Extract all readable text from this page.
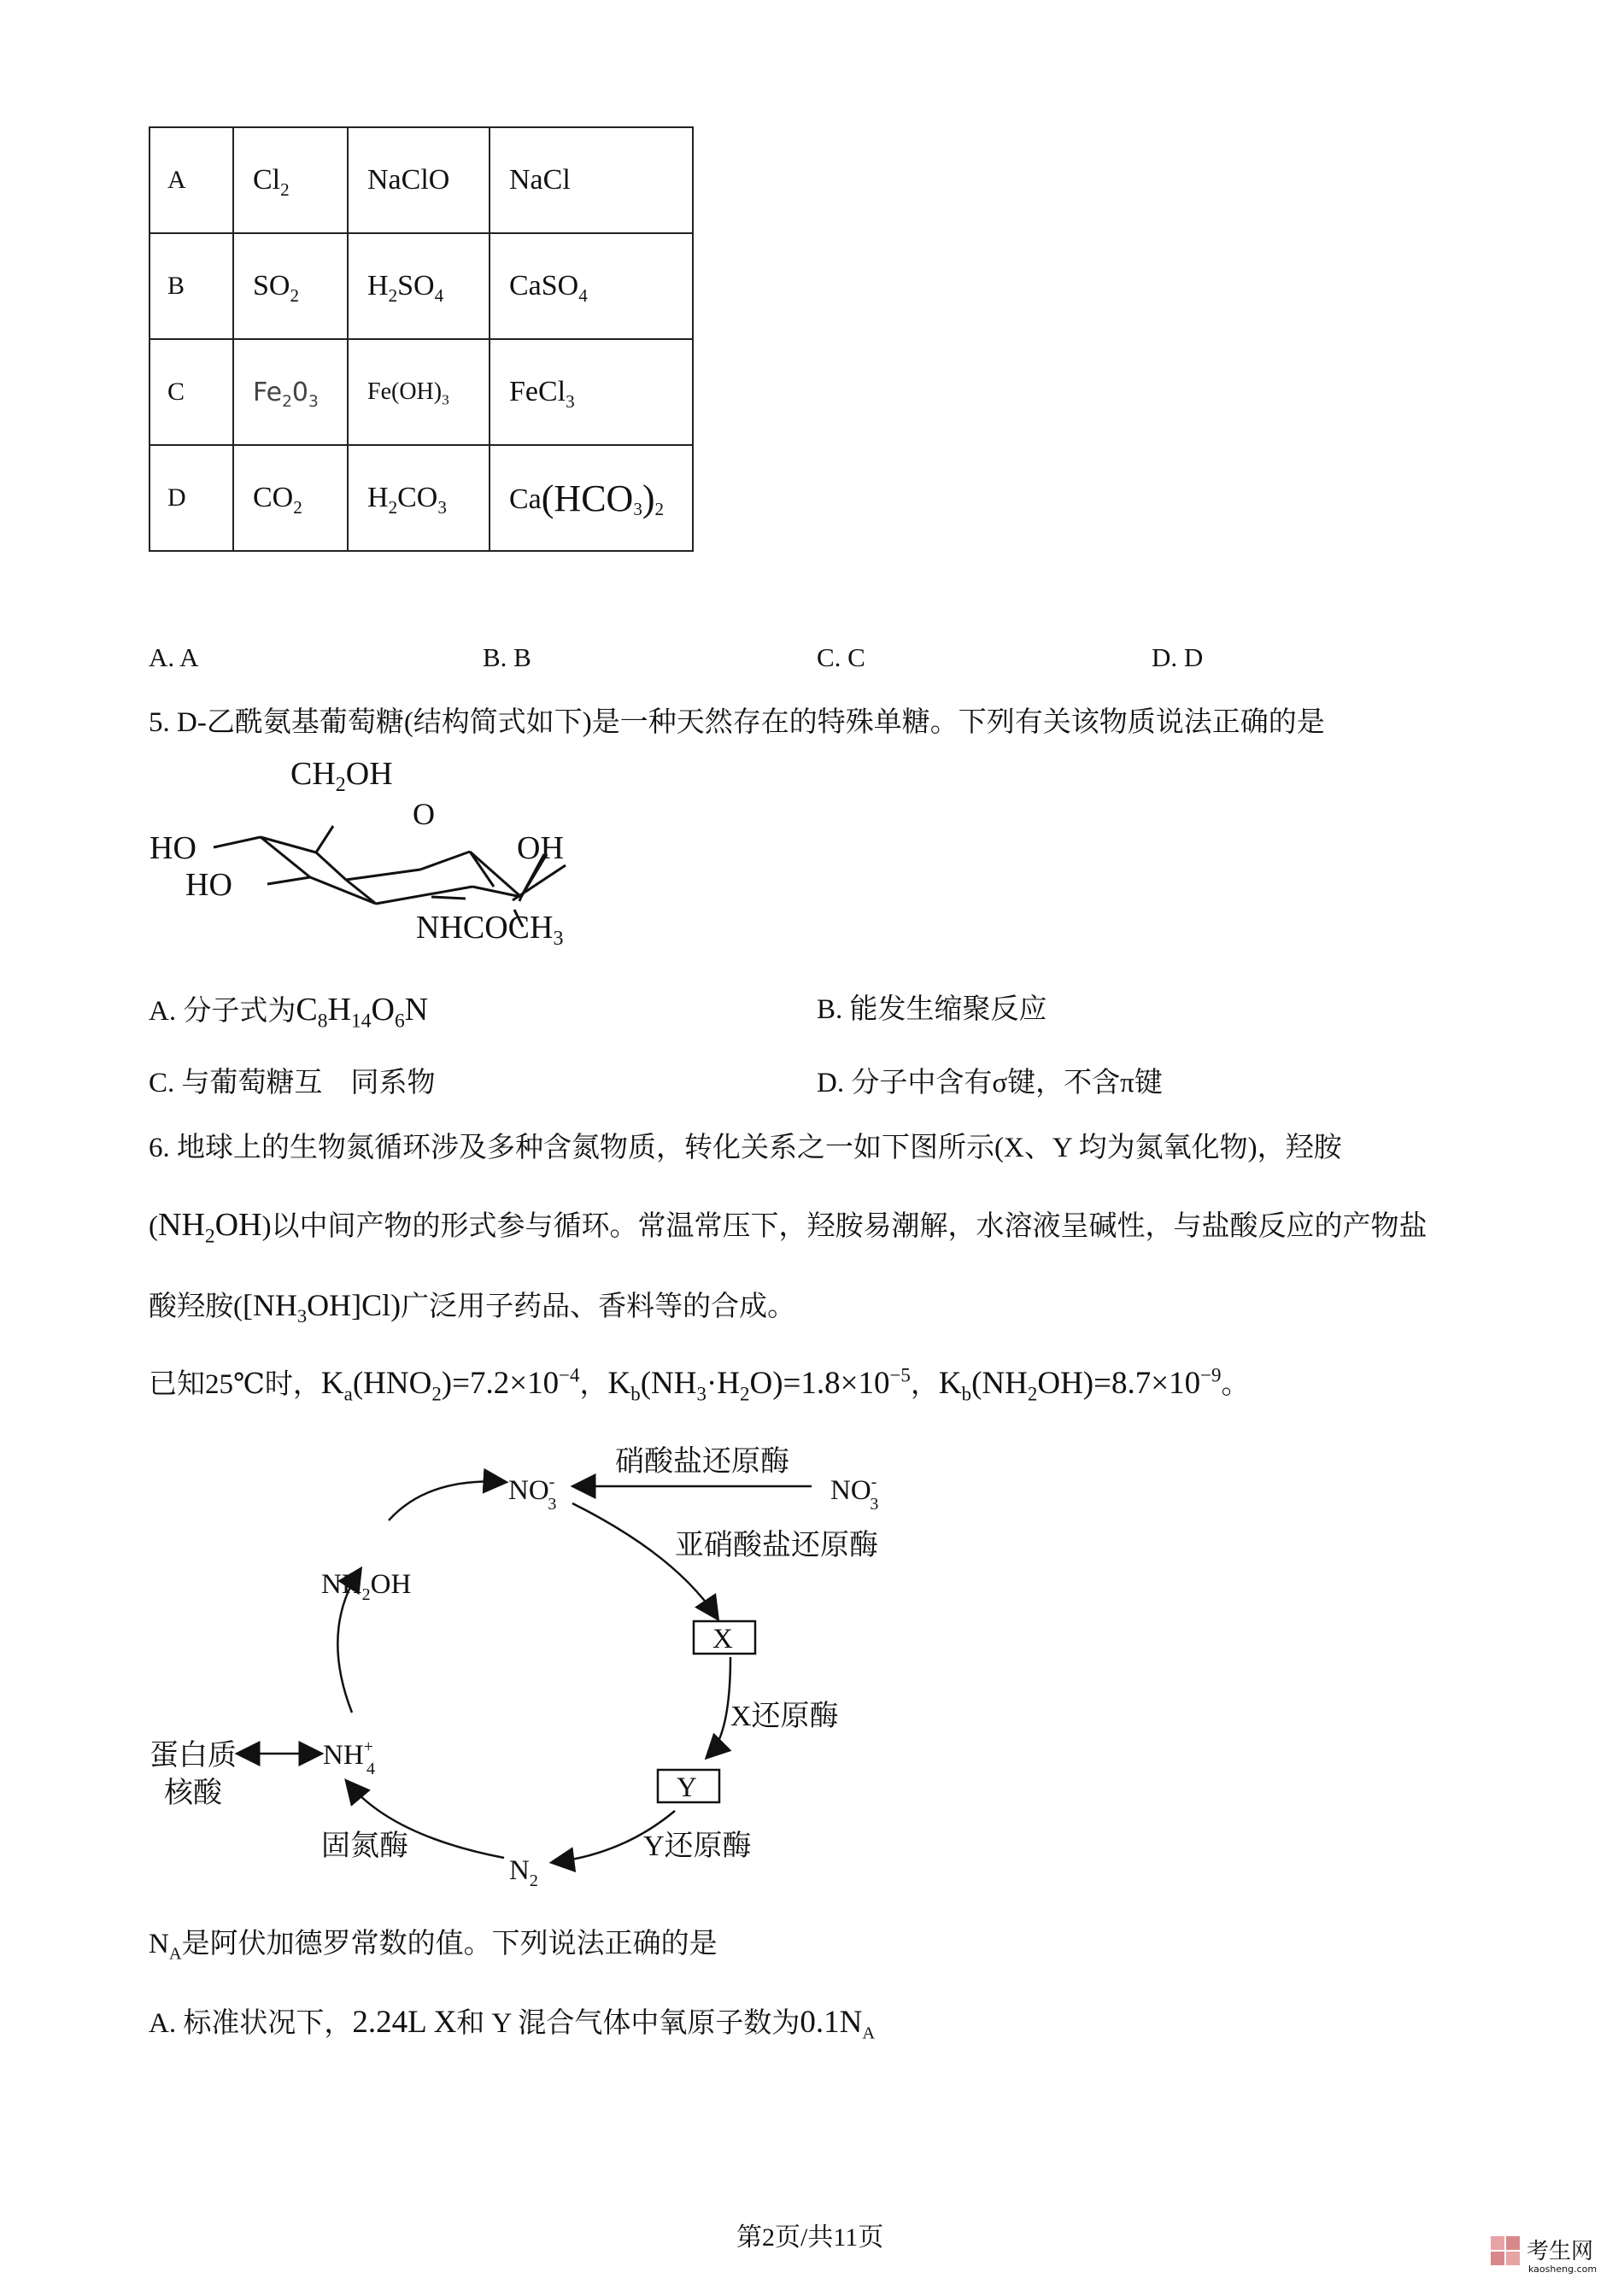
A	$Cl_2$	NaClO	NaCl
B	$SO_2$	$H_2SO_4$	CaSO$_4$
C	$Fe_20_3$	$Fe(OH)_3$	FeCl$_3$
D	$CO_2$	$H_2CO_3$	$Ca(HCO_3)_2$
A. A	B. B	C. C	D. D
5. D-乙酰氨基葡萄糖(结构简式如下)是一种天然存在的特殊单糖。下列有关该物质说法正确的是
$CH_2OH$
O
HO
HO
OH
$NHCOCH_3$
A. 分子式为$C_8H_{14}O_6N$	B. 能发生缩聚反应
C. 与葡萄糖互　同系物	D. 分子中含有σ键，不含π键
6. 地球上的生物氮循环涉及多种含氮物质，转化关系之一如下图所示(X、Y 均为氮氧化物)，羟胺
$(NH_2OH)$以中间产物的形式参与循环。常温常压下，羟胺易潮解，水溶液呈碱性，与盐酸反应的产物盐
酸羟胺$([NH_3OH]Cl)$广泛用子药品、香料等的合成。
已知25℃时，$K_a(HNO_2)=7.2\times 10^{-4}$，$K_b(NH_3\cdot H_2O)=1.8\times 10^{-5}$，$K_b(NH_2OH)=8.7\times 10^{-9}$。
NO-3
硝酸盐还原酶
NO-3
亚硝酸盐还原酶
X
X还原酶
Y
Y还原酶
$N_2$
固氮酶
NH+ 4
$NH_2OH$
蛋白质
核酸
$N_A$是阿伏加德罗常数的值。下列说法正确的是
A. 标准状况下，2.24L X和 Y 混合气体中氧原子数为$0.1N_A$
第2页/共11页	考生网
kaosheng.com
